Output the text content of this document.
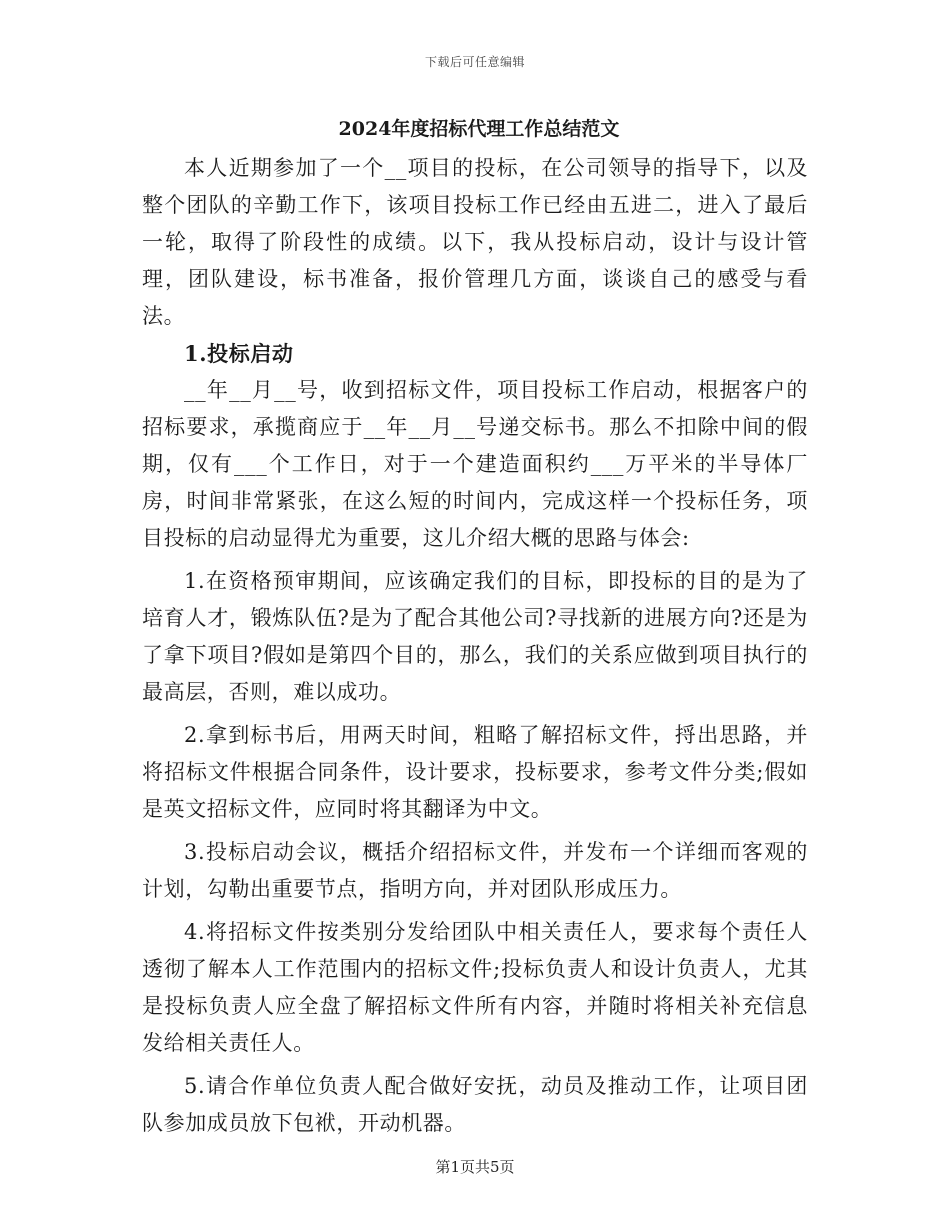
下载后可任意编辑
2024年度招标代理工作总结范文

本人近期参加了一个__项目的投标，在公司领导的指导下，以及整个团队的辛勤工作下，该项目投标工作已经由五进二，进入了最后一轮，取得了阶段性的成绩。以下，我从投标启动，设计与设计管理，团队建设，标书准备，报价管理几方面，谈谈自己的感受与看法。

1.投标启动

__年__月__号，收到招标文件，项目投标工作启动，根据客户的招标要求，承揽商应于__年__月__号递交标书。那么不扣除中间的假期，仅有___个工作日，对于一个建造面积约___万平米的半导体厂房，时间非常紧张，在这么短的时间内，完成这样一个投标任务，项目投标的启动显得尤为重要，这儿介绍大概的思路与体会:

1.在资格预审期间，应该确定我们的目标，即投标的目的是为了培育人才，锻炼队伍?是为了配合其他公司?寻找新的进展方向?还是为了拿下项目?假如是第四个目的，那么，我们的关系应做到项目执行的最高层，否则，难以成功。

2.拿到标书后，用两天时间，粗略了解招标文件，捋出思路，并将招标文件根据合同条件，设计要求，投标要求，参考文件分类;假如是英文招标文件，应同时将其翻译为中文。

3.投标启动会议，概括介绍招标文件，并发布一个详细而客观的计划，勾勒出重要节点，指明方向，并对团队形成压力。

4.将招标文件按类别分发给团队中相关责任人，要求每个责任人透彻了解本人工作范围内的招标文件;投标负责人和设计负责人，尤其是投标负责人应全盘了解招标文件所有内容，并随时将相关补充信息发给相关责任人。

5.请合作单位负责人配合做好安抚，动员及推动工作，让项目团队参加成员放下包袱，开动机器。

第1页共5页
